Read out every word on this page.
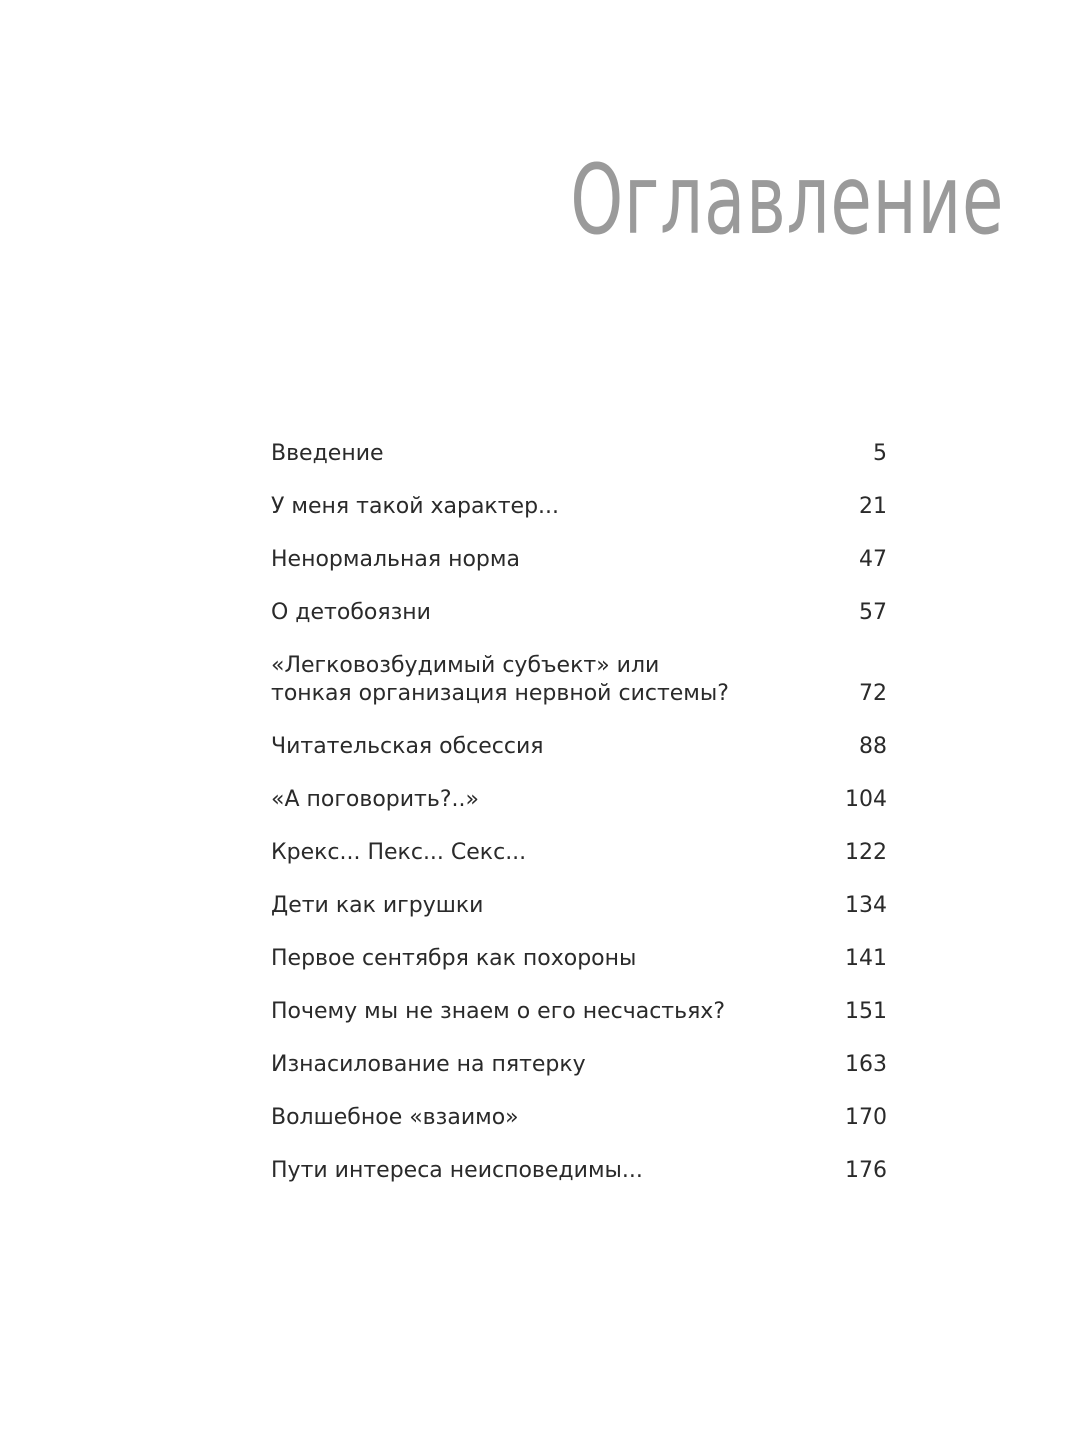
Оглавление
Введение	5
У меня такой характер...	21
Ненормальная норма	47
О детобоязни	57
«Легковозбудимый субъект» или тонкая организация нервной системы?	72
Читательская обсессия	88
«А поговорить?..»	104
Крекс... Пекс... Секс...	122
Дети как игрушки	134
Первое сентября как похороны	141
Почему мы не знаем о его несчастьях?	151
Изнасилование на пятерку	163
Волшебное «взаимо»	170
Пути интереса неисповедимы...	176
